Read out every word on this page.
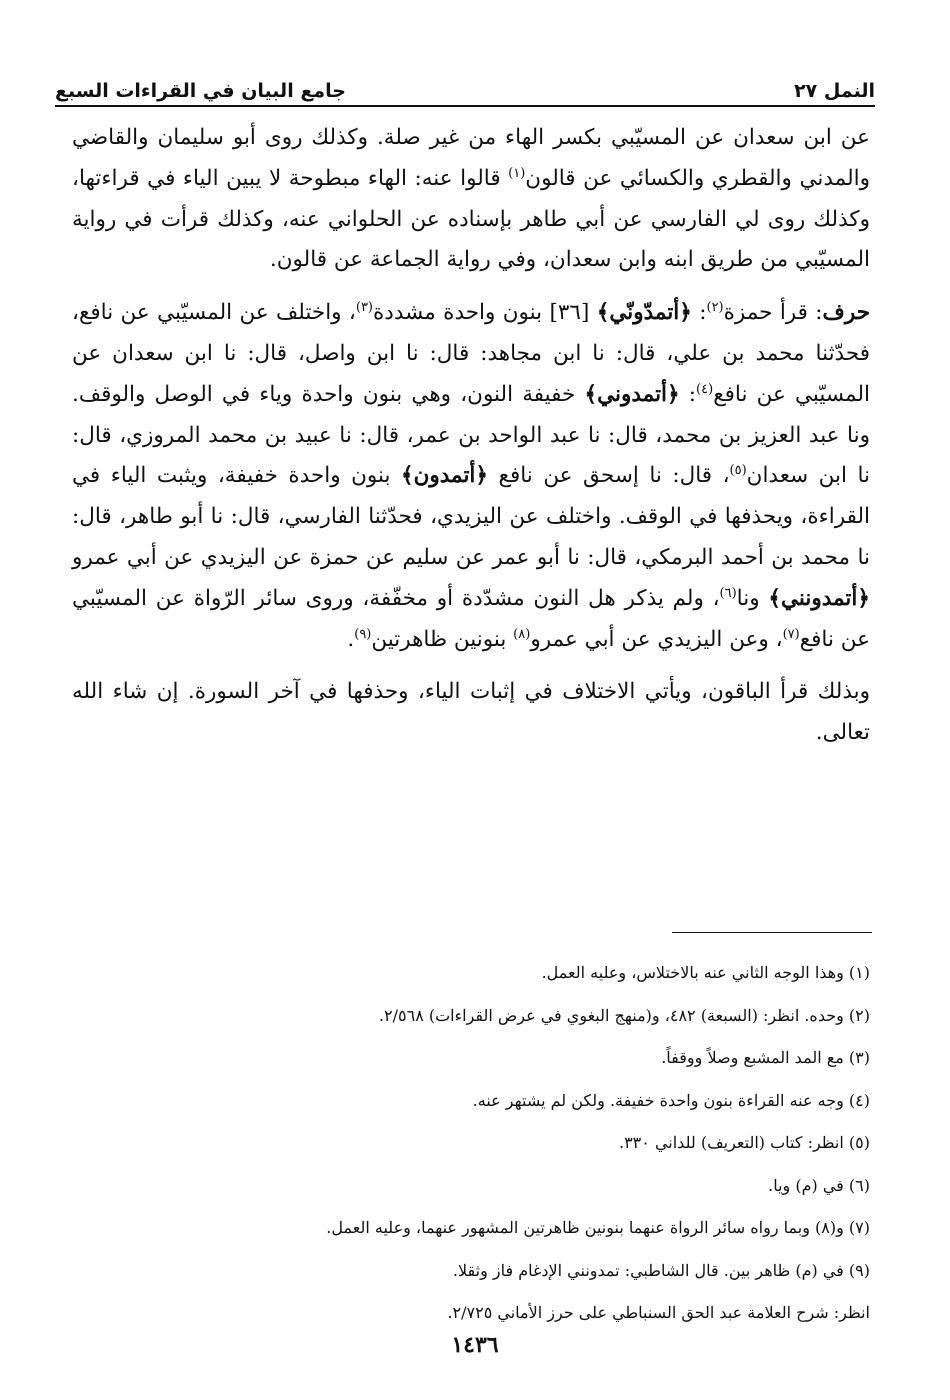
النمل ٢٧
جامع البيان في القراءات السبع

عن ابن سعدان عن المسيّبي بكسر الهاء من غير صلة. وكذلك روى أبو سليمان والقاضي والمدني والقطري والكسائي عن قالون$^{(١)}$ قالوا عنه: الهاء مبطوحة لا يبين الياء في قراءتها، وكذلك روى لي الفارسي عن أبي طاهر بإسناده عن الحلواني عنه، وكذلك قرأت في رواية المسيّبي من طريق ابنه وابن سعدان، وفي رواية الجماعة عن قالون.

حرف: قرأ حمزة$^{(٢)}$: ﴿أتمدّونّي﴾ [٣٦] بنون واحدة مشددة$^{(٣)}$، واختلف عن المسيّبي عن نافع، فحدّثنا محمد بن علي، قال: نا ابن مجاهد: قال: نا ابن واصل، قال: نا ابن سعدان عن المسيّبي عن نافع$^{(٤)}$: ﴿أتمدوني﴾ خفيفة النون، وهي بنون واحدة وياء في الوصل والوقف. ونا عبد العزيز بن محمد، قال: نا عبد الواحد بن عمر، قال: نا عبيد بن محمد المروزي، قال: نا ابن سعدان$^{(٥)}$، قال: نا إسحق عن نافع ﴿أتمدون﴾ بنون واحدة خفيفة، ويثبت الياء في القراءة، ويحذفها في الوقف. واختلف عن اليزيدي، فحدّثنا الفارسي، قال: نا أبو طاهر، قال: نا محمد بن أحمد البرمكي، قال: نا أبو عمر عن سليم عن حمزة عن اليزيدي عن أبي عمرو ﴿أتمدونني﴾ ونا$^{(٦)}$، ولم يذكر هل النون مشدّدة أو مخفّفة، وروى سائر الرّواة عن المسيّبي عن نافع$^{(٧)}$، وعن اليزيدي عن أبي عمرو$^{(٨)}$ بنونين ظاهرتين$^{(٩)}$.

وبذلك قرأ الباقون، ويأتي الاختلاف في إثبات الياء، وحذفها في آخر السورة. إن شاء الله تعالى.

(١) وهذا الوجه الثاني عنه بالاختلاس، وعليه العمل.
(٢) وحده. انظر: (السبعة) ٤٨٢، و(منهج البغوي في عرض القراءات) ٢/٥٦٨.
(٣) مع المد المشبع وصلاً ووقفاً.
(٤) وجه عنه القراءة بنون واحدة خفيفة. ولكن لم يشتهر عنه.
(٥) انظر: كتاب (التعريف) للداني ٣٣٠.
(٦) في (م) ويا.
(٧) و(٨) وبما رواه سائر الرواة عنهما بنونين ظاهرتين المشهور عنهما، وعليه العمل.
(٩) في (م) ظاهر بين. قال الشاطبي: تمدونني الإدغام فاز وثقلا.
انظر: شرح العلامة عبد الحق السنباطي على حرز الأماني ٢/٧٢٥.
١٤٣٦
